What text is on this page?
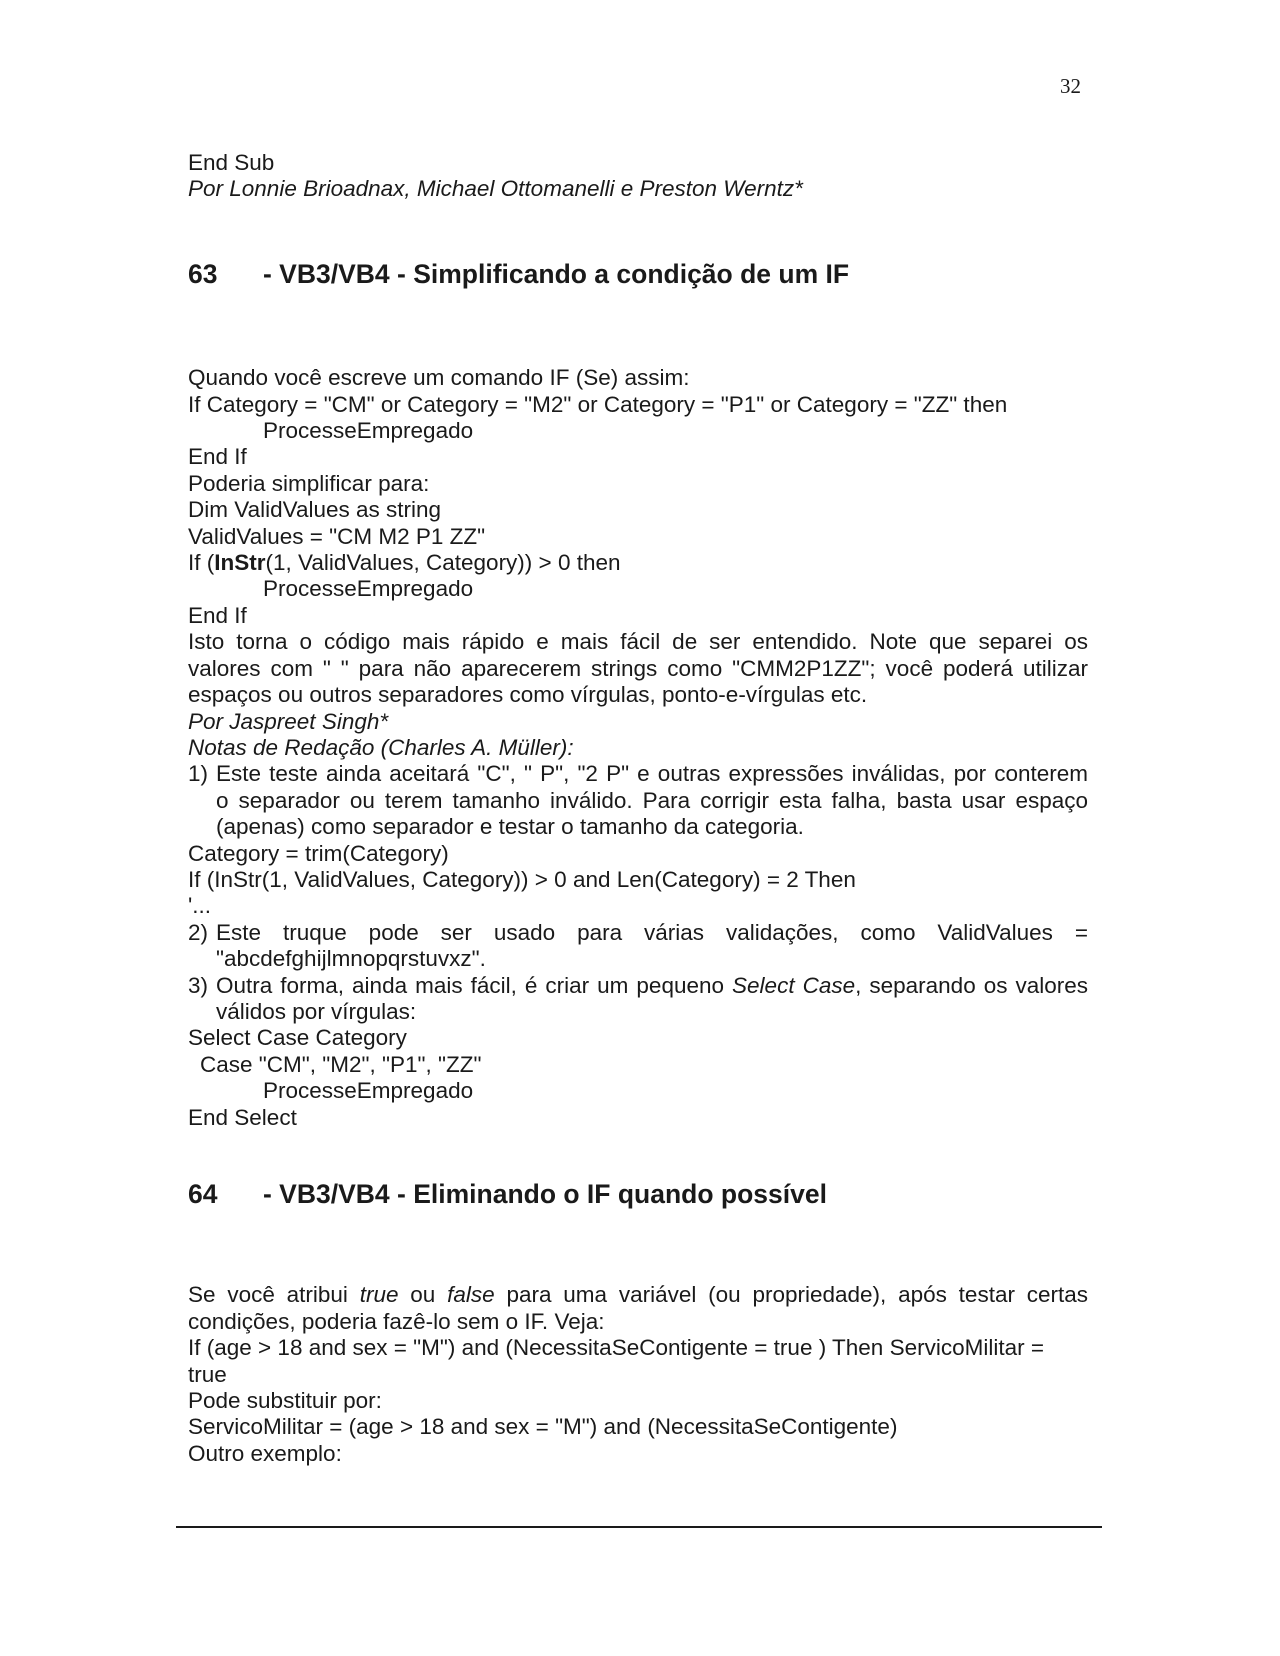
32
End Sub
Por Lonnie Brioadnax, Michael Ottomanelli e Preston Werntz*
63	- VB3/VB4 - Simplificando a condição de um IF
Quando você escreve um comando IF (Se) assim:
If Category = "CM" or Category = "M2" or Category = "P1" or Category = "ZZ" then
ProcesseEmpregado
End If
Poderia simplificar para:
Dim ValidValues as string
ValidValues = "CM M2 P1 ZZ"
If (InStr(1, ValidValues, Category)) > 0 then
ProcesseEmpregado
End If
Isto torna o código mais rápido e mais fácil de ser entendido. Note que separei os
valores com " " para não aparecerem strings como "CMM2P1ZZ"; você poderá utilizar
espaços ou outros separadores como vírgulas, ponto-e-vírgulas etc.
Por Jaspreet Singh*
Notas de Redação (Charles A. Müller):
1) Este teste ainda aceitará "C", " P", "2 P" e outras expressões inválidas, por conterem
o separador ou terem tamanho inválido. Para corrigir esta falha, basta usar espaço
(apenas) como separador e testar o tamanho da categoria.
Category = trim(Category)
If (InStr(1, ValidValues, Category)) > 0 and Len(Category) = 2 Then
'...
2) Este truque pode ser usado para várias validações, como ValidValues =
"abcdefghijlmnopqrstuvxz".
3) Outra forma, ainda mais fácil, é criar um pequeno Select Case, separando os valores
válidos por vírgulas:
Select Case Category
Case "CM", "M2", "P1", "ZZ"
ProcesseEmpregado
End Select
64	- VB3/VB4 - Eliminando o IF quando possível
Se você atribui true ou false para uma variável (ou propriedade), após testar certas
condições, poderia fazê-lo sem o IF. Veja:
If (age > 18 and sex = "M") and (NecessitaSeContigente = true ) Then ServicoMilitar =
true
Pode substituir por:
ServicoMilitar = (age > 18 and sex = "M") and (NecessitaSeContigente)
Outro exemplo:
